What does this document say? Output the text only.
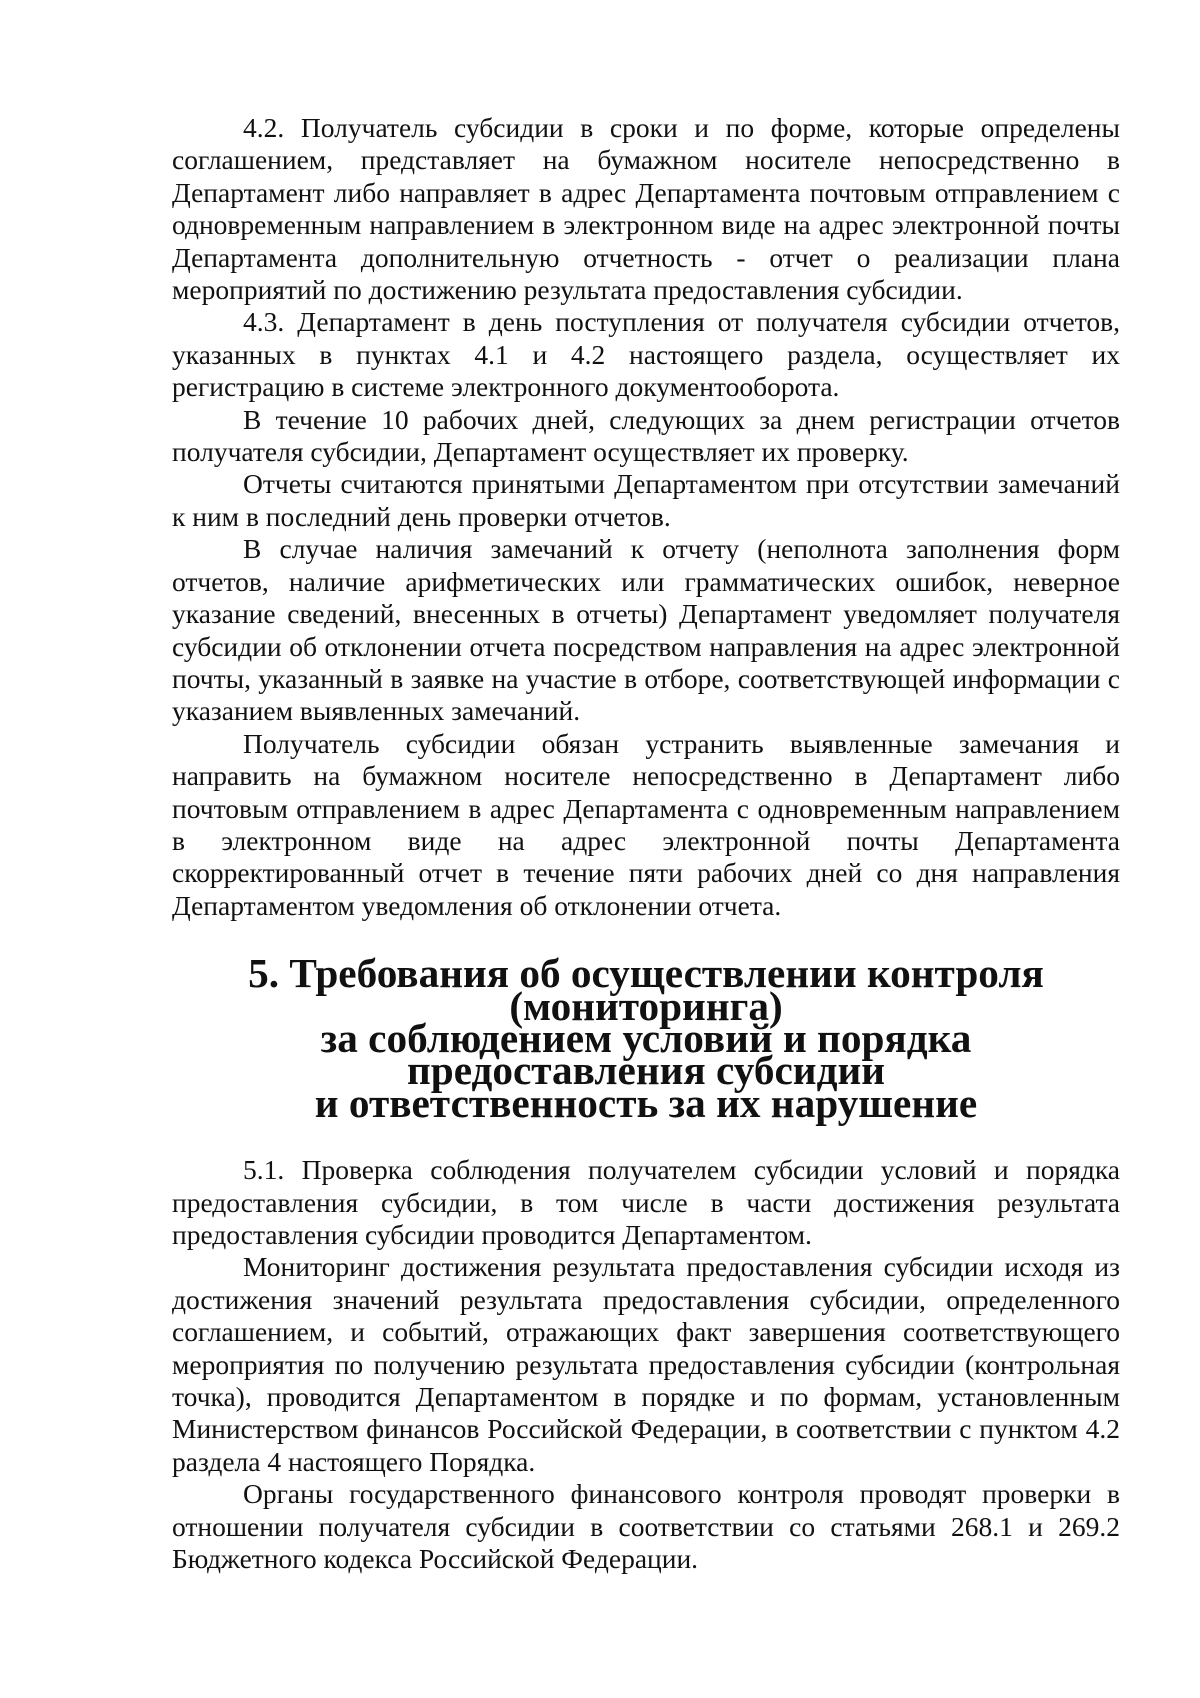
4.2. Получатель субсидии в сроки и по форме, которые определены соглашением, представляет на бумажном носителе непосредственно в Департамент либо направляет в адрес Департамента почтовым отправлением с одновременным направлением в электронном виде на адрес электронной почты Департамента дополнительную отчетность - отчет о реализации плана мероприятий по достижению результата предоставления субсидии.

4.3. Департамент в день поступления от получателя субсидии отчетов, указанных в пунктах 4.1 и 4.2 настоящего раздела, осуществляет их регистрацию в системе электронного документооборота.

В течение 10 рабочих дней, следующих за днем регистрации отчетов получателя субсидии, Департамент осуществляет их проверку.

Отчеты считаются принятыми Департаментом при отсутствии замечаний к ним в последний день проверки отчетов.

В случае наличия замечаний к отчету (неполнота заполнения форм отчетов, наличие арифметических или грамматических ошибок, неверное указание сведений, внесенных в отчеты) Департамент уведомляет получателя субсидии об отклонении отчета посредством направления на адрес электронной почты, указанный в заявке на участие в отборе, соответствующей информации с указанием выявленных замечаний.

Получатель субсидии обязан устранить выявленные замечания и направить на бумажном носителе непосредственно в Департамент либо почтовым отправлением в адрес Департамента с одновременным направлением в электронном виде на адрес электронной почты Департамента скорректированный отчет в течение пяти рабочих дней со дня направления Департаментом уведомления об отклонении отчета.

5. Требования об осуществлении контроля (мониторинга)
за соблюдением условий и порядка предоставления субсидии
и ответственность за их нарушение

5.1. Проверка соблюдения получателем субсидии условий и порядка предоставления субсидии, в том числе в части достижения результата предоставления субсидии проводится Департаментом.

Мониторинг достижения результата предоставления субсидии исходя из достижения значений результата предоставления субсидии, определенного соглашением, и событий, отражающих факт завершения соответствующего мероприятия по получению результата предоставления субсидии (контрольная точка), проводится Департаментом в порядке и по формам, установленным Министерством финансов Российской Федерации, в соответствии с пунктом 4.2 раздела 4 настоящего Порядка.

Органы государственного финансового контроля проводят проверки в отношении получателя субсидии в соответствии со статьями 268.1 и 269.2 Бюджетного кодекса Российской Федерации.
